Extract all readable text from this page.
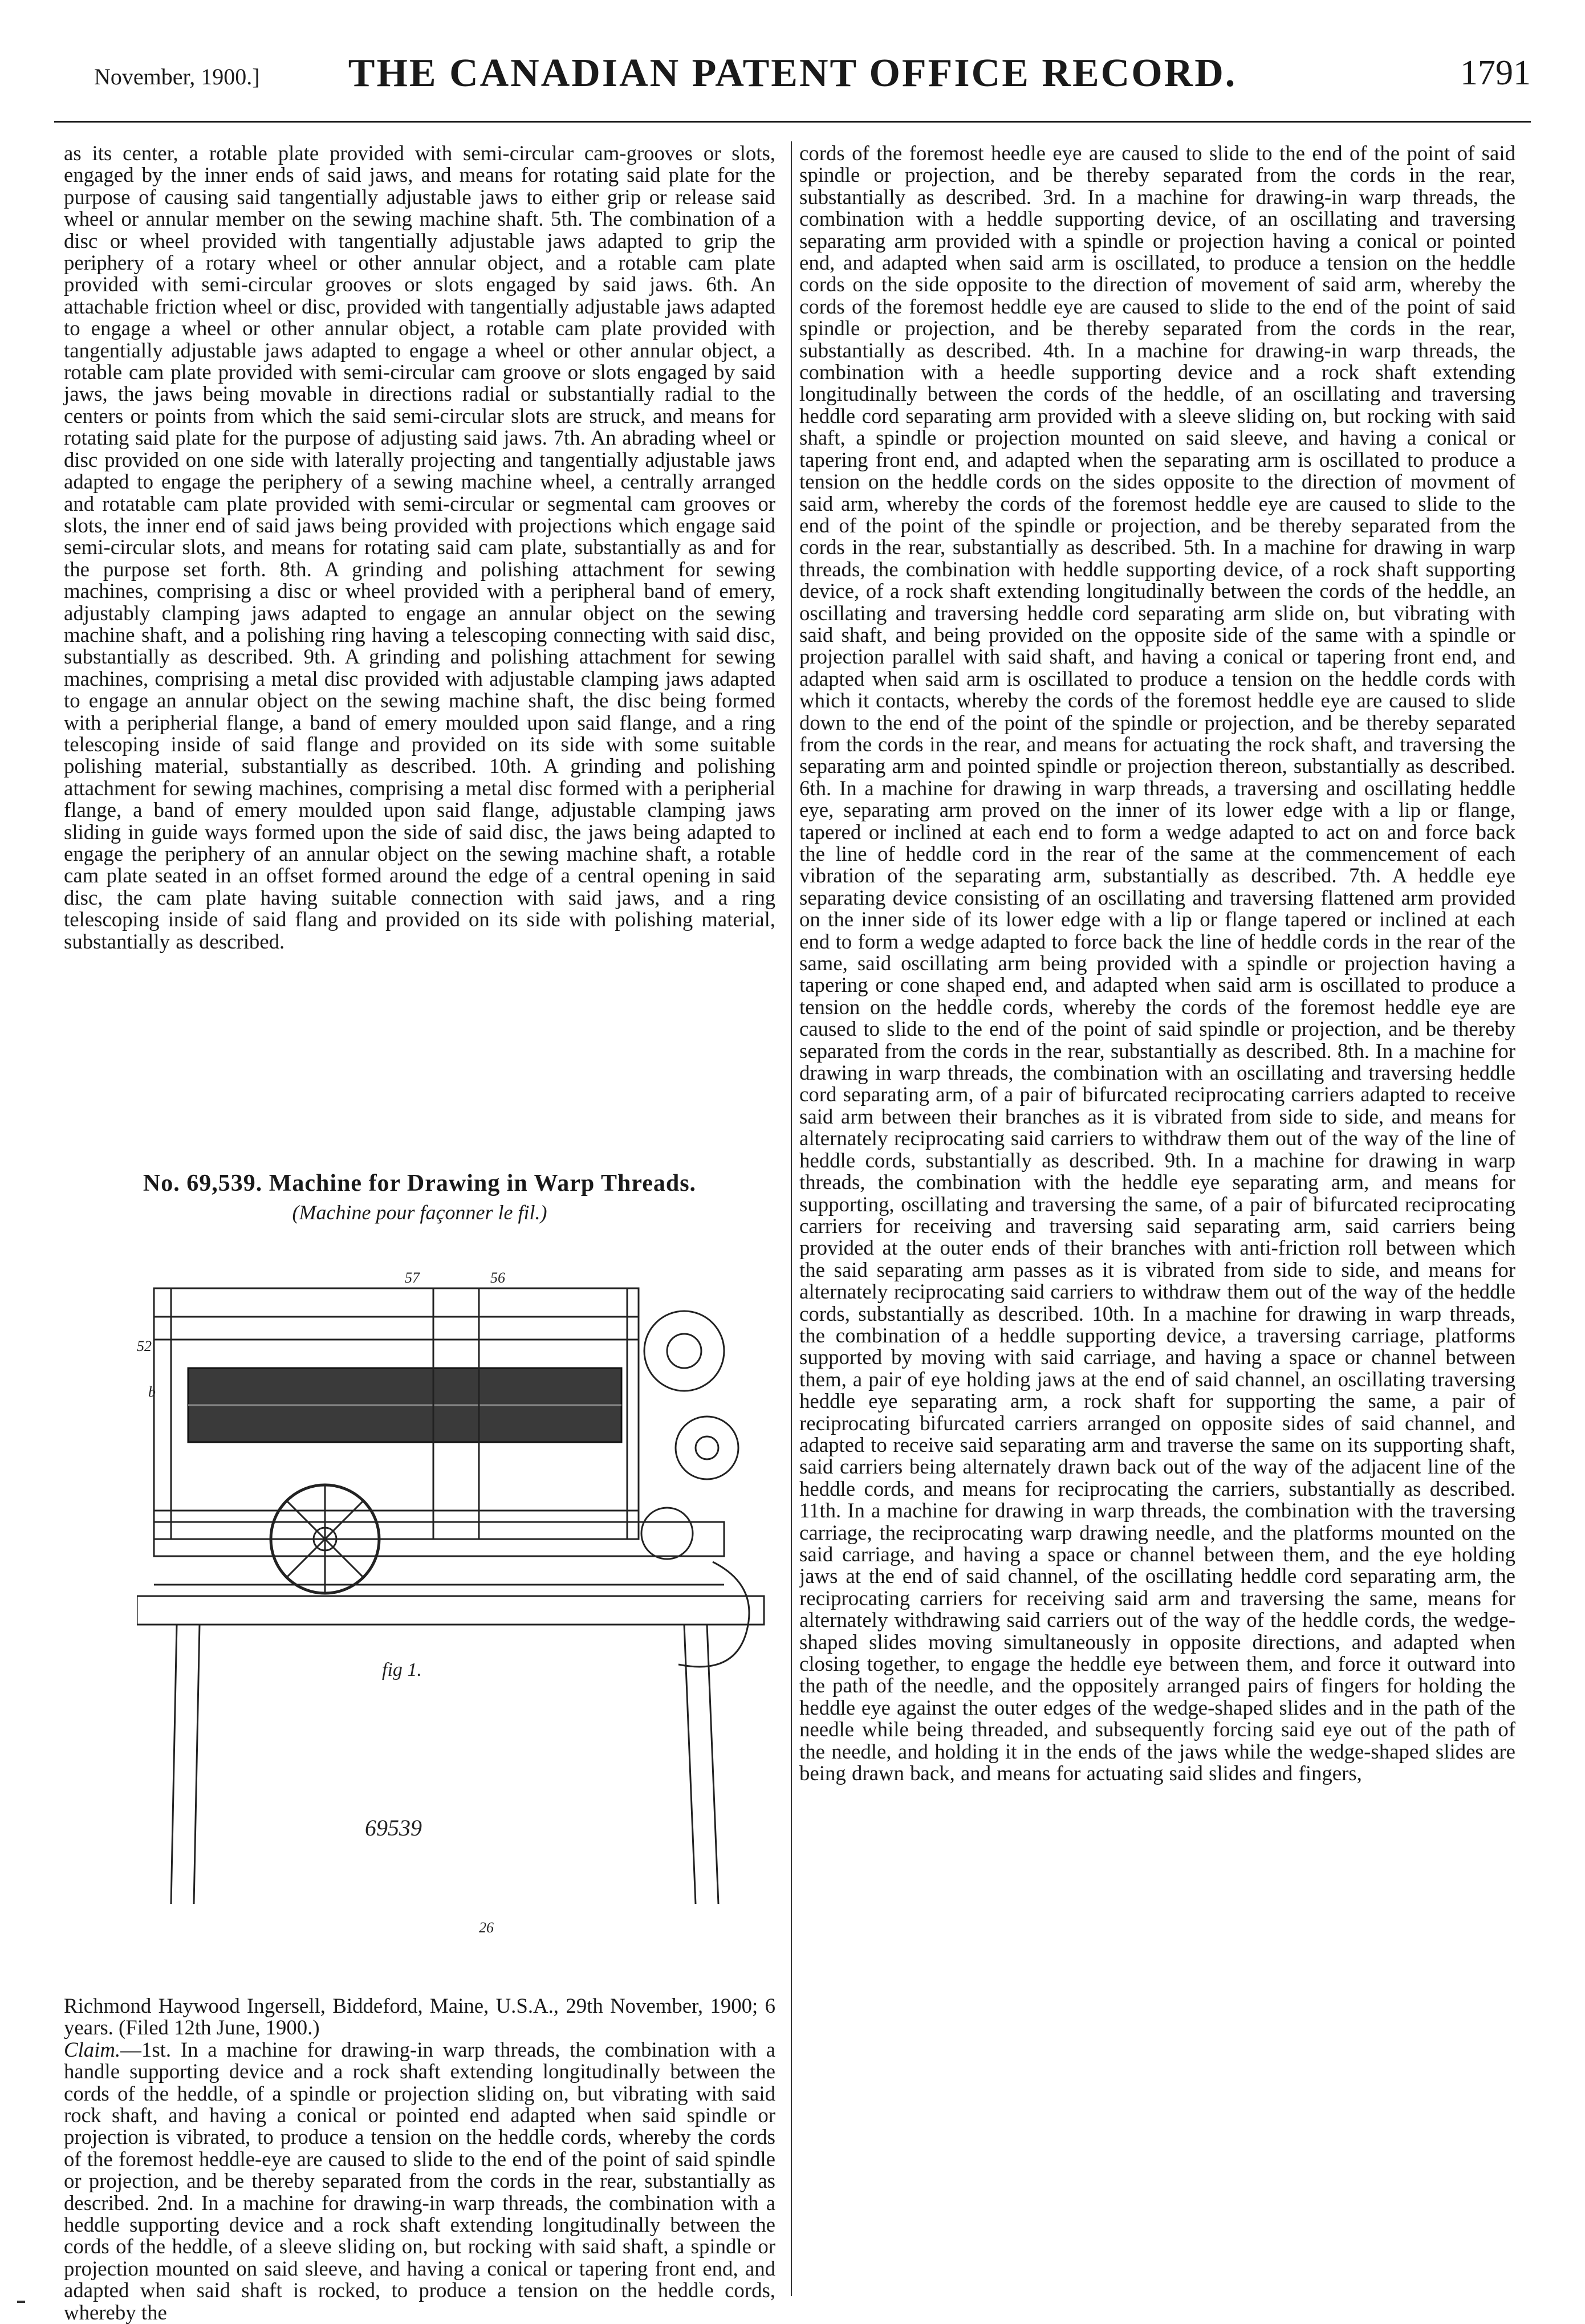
November, 1900.]	THE CANADIAN PATENT OFFICE RECORD.	1791

as its center, a rotable plate provided with semi-circular cam-grooves or slots, engaged by the inner ends of said jaws, and means for rotating said plate for the purpose of causing said tangentially adjustable jaws to either grip or release said wheel or annular member on the sewing machine shaft. 5th. The combination of a disc or wheel provided with tangentially adjustable jaws adapted to grip the periphery of a rotary wheel or other annular object, and a rotable cam plate provided with semi-circular grooves or slots engaged by said jaws. 6th. An attachable friction wheel or disc, provided with tangentially adjustable jaws adapted to engage a wheel or other annular object, a rotable cam plate provided with tangentially adjustable jaws adapted to engage a wheel or other annular object, a rotable cam plate provided with semi-circular cam groove or slots engaged by said jaws, the jaws being movable in directions radial or substantially radial to the centers or points from which the said semi-circular slots are struck, and means for rotating said plate for the purpose of adjusting said jaws. 7th. An abrading wheel or disc provided on one side with laterally projecting and tangentially adjustable jaws adapted to engage the periphery of a sewing machine wheel, a centrally arranged and rotatable cam plate provided with semi-circular or segmental cam grooves or slots, the inner end of said jaws being provided with projections which engage said semi-circular slots, and means for rotating said cam plate, substantially as and for the purpose set forth. 8th. A grinding and polishing attachment for sewing machines, comprising a disc or wheel provided with a peripheral band of emery, adjustably clamping jaws adapted to engage an annular object on the sewing machine shaft, and a polishing ring having a telescoping connecting with said disc, substantially as described. 9th. A grinding and polishing attachment for sewing machines, comprising a metal disc provided with adjustable clamping jaws adapted to engage an annular object on the sewing machine shaft, the disc being formed with a peripherial flange, a band of emery moulded upon said flange, and a ring telescoping inside of said flange and provided on its side with some suitable polishing material, substantially as described. 10th. A grinding and polishing attachment for sewing machines, comprising a metal disc formed with a peripherial flange, a band of emery moulded upon said flange, adjustable clamping jaws sliding in guide ways formed upon the side of said disc, the jaws being adapted to engage the periphery of an annular object on the sewing machine shaft, a rotable cam plate seated in an offset formed around the edge of a central opening in said disc, the cam plate having suitable connection with said jaws, and a ring telescoping inside of said flang and provided on its side with polishing material, substantially as described.

No. 69,539. Machine for Drawing in Warp Threads.
(Machine pour façonner le fil.)
57	56
52
b
fig 1.
69539
26

Richmond Haywood Ingersell, Biddeford, Maine, U.S.A., 29th November, 1900; 6 years. (Filed 12th June, 1900.)

Claim.—1st. In a machine for drawing-in warp threads, the combination with a handle supporting device and a rock shaft extending longitudinally between the cords of the heddle, of a spindle or projection sliding on, but vibrating with said rock shaft, and having a conical or pointed end adapted when said spindle or projection is vibrated, to produce a tension on the heddle cords, whereby the cords of the foremost heddle-eye are caused to slide to the end of the point of said spindle or projection, and be thereby separated from the cords in the rear, substantially as described. 2nd. In a machine for drawing-in warp threads, the combination with a heddle supporting device and a rock shaft extending longitudinally between the cords of the heddle, of a sleeve sliding on, but rocking with said shaft, a spindle or projection mounted on said sleeve, and having a conical or tapering front end, and adapted when said shaft is rocked, to produce a tension on the heddle cords, whereby the

cords of the foremost heedle eye are caused to slide to the end of the point of said spindle or projection, and be thereby separated from the cords in the rear, substantially as described. 3rd. In a machine for drawing-in warp threads, the combination with a heddle supporting device, of an oscillating and traversing separating arm provided with a spindle or projection having a conical or pointed end, and adapted when said arm is oscillated, to produce a tension on the heddle cords on the side opposite to the direction of movement of said arm, whereby the cords of the foremost heddle eye are caused to slide to the end of the point of said spindle or projection, and be thereby separated from the cords in the rear, substantially as described. 4th. In a machine for drawing-in warp threads, the combination with a heedle supporting device and a rock shaft extending longitudinally between the cords of the heddle, of an oscillating and traversing heddle cord separating arm provided with a sleeve sliding on, but rocking with said shaft, a spindle or projection mounted on said sleeve, and having a conical or tapering front end, and adapted when the separating arm is oscillated to produce a tension on the heddle cords on the sides opposite to the direction of movment of said arm, whereby the cords of the foremost heddle eye are caused to slide to the end of the point of the spindle or projection, and be thereby separated from the cords in the rear, substantially as described. 5th. In a machine for drawing in warp threads, the combination with heddle supporting device, of a rock shaft supporting device, of a rock shaft extending longitudinally between the cords of the heddle, an oscillating and traversing heddle cord separating arm slide on, but vibrating with said shaft, and being provided on the opposite side of the same with a spindle or projection parallel with said shaft, and having a conical or tapering front end, and adapted when said arm is oscillated to produce a tension on the heddle cords with which it contacts, whereby the cords of the foremost heddle eye are caused to slide down to the end of the point of the spindle or projection, and be thereby separated from the cords in the rear, and means for actuating the rock shaft, and traversing the separating arm and pointed spindle or projection thereon, substantially as described. 6th. In a machine for drawing in warp threads, a traversing and oscillating heddle eye, separating arm proved on the inner of its lower edge with a lip or flange, tapered or inclined at each end to form a wedge adapted to act on and force back the line of heddle cord in the rear of the same at the commencement of each vibration of the separating arm, substantially as described. 7th. A heddle eye separating device consisting of an oscillating and traversing flattened arm provided on the inner side of its lower edge with a lip or flange tapered or inclined at each end to form a wedge adapted to force back the line of heddle cords in the rear of the same, said oscillating arm being provided with a spindle or projection having a tapering or cone shaped end, and adapted when said arm is oscillated to produce a tension on the heddle cords, whereby the cords of the foremost heddle eye are caused to slide to the end of the point of said spindle or projection, and be thereby separated from the cords in the rear, substantially as described. 8th. In a machine for drawing in warp threads, the combination with an oscillating and traversing heddle cord separating arm, of a pair of bifurcated reciprocating carriers adapted to receive said arm between their branches as it is vibrated from side to side, and means for alternately reciprocating said carriers to withdraw them out of the way of the line of heddle cords, substantially as described. 9th. In a machine for drawing in warp threads, the combination with the heddle eye separating arm, and means for supporting, oscillating and traversing the same, of a pair of bifurcated reciprocating carriers for receiving and traversing said separating arm, said carriers being provided at the outer ends of their branches with anti-friction roll between which the said separating arm passes as it is vibrated from side to side, and means for alternately reciprocating said carriers to withdraw them out of the way of the heddle cords, substantially as described. 10th. In a machine for drawing in warp threads, the combination of a heddle supporting device, a traversing carriage, platforms supported by moving with said carriage, and having a space or channel between them, a pair of eye holding jaws at the end of said channel, an oscillating traversing heddle eye separating arm, a rock shaft for supporting the same, a pair of reciprocating bifurcated carriers arranged on opposite sides of said channel, and adapted to receive said separating arm and traverse the same on its supporting shaft, said carriers being alternately drawn back out of the way of the adjacent line of the heddle cords, and means for reciprocating the carriers, substantially as described. 11th. In a machine for drawing in warp threads, the combination with the traversing carriage, the reciprocating warp drawing needle, and the platforms mounted on the said carriage, and having a space or channel between them, and the eye holding jaws at the end of said channel, of the oscillating heddle cord separating arm, the reciprocating carriers for receiving said arm and traversing the same, means for alternately withdrawing said carriers out of the way of the heddle cords, the wedge-shaped slides moving simultaneously in opposite directions, and adapted when closing together, to engage the heddle eye between them, and force it outward into the path of the needle, and the oppositely arranged pairs of fingers for holding the heddle eye against the outer edges of the wedge-shaped slides and in the path of the needle while being threaded, and subsequently forcing said eye out of the path of the needle, and holding it in the ends of the jaws while the wedge-shaped slides are being drawn back, and means for actuating said slides and fingers,
